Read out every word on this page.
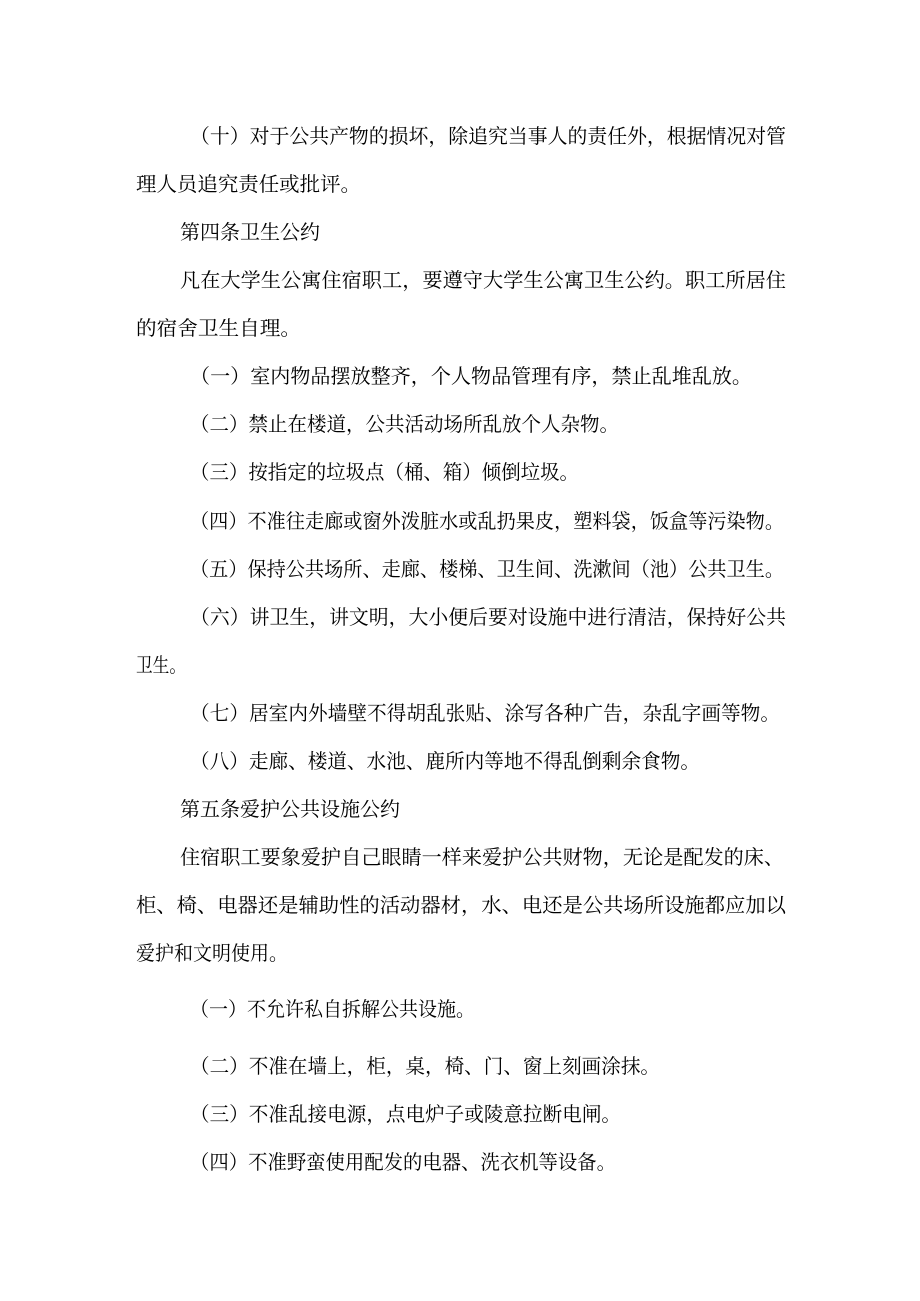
（十）对于公共产物的损坏，除追究当事人的责任外，根据情况对管
理人员追究责任或批评。
第四条卫生公约
凡在大学生公寓住宿职工，要遵守大学生公寓卫生公约。职工所居住
的宿舍卫生自理。
（一）室内物品摆放整齐，个人物品管理有序，禁止乱堆乱放。
（二）禁止在楼道，公共活动场所乱放个人杂物。
（三）按指定的垃圾点（桶、箱）倾倒垃圾。
（四）不准往走廊或窗外泼脏水或乱扔果皮，塑料袋，饭盒等污染物。
（五）保持公共场所、走廊、楼梯、卫生间、洗漱间（池）公共卫生。
（六）讲卫生，讲文明，大小便后要对设施中进行清洁，保持好公共
卫生。
（七）居室内外墙壁不得胡乱张贴、涂写各种广告，杂乱字画等物。
（八）走廊、楼道、水池、鹿所内等地不得乱倒剩余食物。
第五条爱护公共设施公约
住宿职工要象爱护自己眼睛一样来爱护公共财物，无论是配发的床、
柜、椅、电器还是辅助性的活动器材，水、电还是公共场所设施都应加以
爱护和文明使用。
（一）不允许私自拆解公共设施。
（二）不准在墙上，柜，桌，椅、门、窗上刻画涂抹。
（三）不准乱接电源，点电炉子或陵意拉断电闸。
（四）不准野蛮使用配发的电器、洗衣机等设备。
